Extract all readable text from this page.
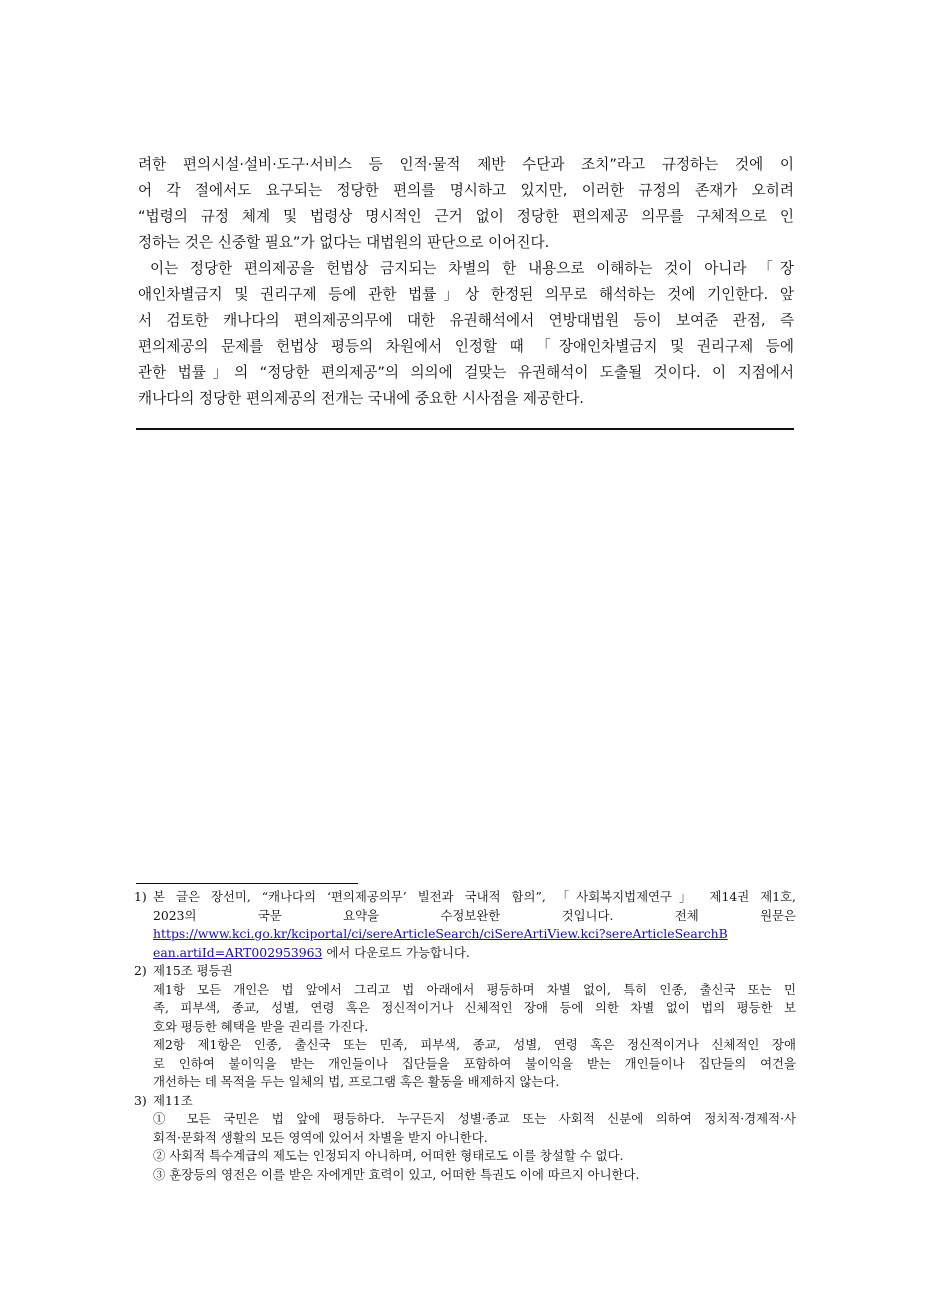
려한 편의시설·설비·도구·서비스 등 인적·물적 제반 수단과 조치”라고 규정하는 것에 이
어 각 절에서도 요구되는 정당한 편의를 명시하고 있지만, 이러한 규정의 존재가 오히려
“법령의 규정 체계 및 법령상 명시적인 근거 없이 정당한 편의제공 의무를 구체적으로 인
정하는 것은 신중할 필요”가 없다는 대법원의 판단으로 이어진다.
이는 정당한 편의제공을 헌법상 금지되는 차별의 한 내용으로 이해하는 것이 아니라 「장
애인차별금지 및 권리구제 등에 관한 법률」상 한정된 의무로 해석하는 것에 기인한다. 앞
서 검토한 캐나다의 편의제공의무에 대한 유권해석에서 연방대법원 등이 보여준 관점, 즉
편의제공의 문제를 헌법상 평등의 차원에서 인정할 때 「장애인차별금지 및 권리구제 등에
관한 법률」의 “정당한 편의제공”의 의의에 걸맞는 유권해석이 도출될 것이다. 이 지점에서
캐나다의 정당한 편의제공의 전개는 국내에 중요한 시사점을 제공한다.
1) 본 글은 장선미, “캐나다의 ‘편의제공의무’ 빌전과 국내적 함의”, 「사회복지법제연구」 제14권 제1호,
2023의 국문 요약을 수정보완한 것입니다. 전체 원문은
https://www.kci.go.kr/kciportal/ci/sereArticleSearch/ciSereArtiView.kci?sereArticleSearchB
ean.artiId=ART002953963 에서 다운로드 가능합니다.
2) 제15조 평등권
제1항 모든 개인은 법 앞에서 그리고 법 아래에서 평등하며 차별 없이, 특히 인종, 출신국 또는 민
족, 피부색, 종교, 성별, 연령 혹은 정신적이거나 신체적인 장애 등에 의한 차별 없이 법의 평등한 보
호와 평등한 혜택을 받을 권리를 가진다.
제2항 제1항은 인종, 출신국 또는 민족, 피부색, 종교, 성별, 연령 혹은 정신적이거나 신체적인 장애
로 인하여 불이익을 받는 개인들이나 집단들을 포함하여 불이익을 받는 개인들이나 집단들의 여건을
개선하는 데 목적을 두는 일체의 법, 프로그램 혹은 활동을 배제하지 않는다.
3) 제11조
① 모든 국민은 법 앞에 평등하다. 누구든지 성별·종교 또는 사회적 신분에 의하여 정치적·경제적·사
회적·문화적 생활의 모든 영역에 있어서 차별을 받지 아니한다.
② 사회적 특수계급의 제도는 인정되지 아니하며, 어떠한 형태로도 이를 창설할 수 없다.
③ 훈장등의 영전은 이를 받은 자에게만 효력이 있고, 어떠한 특권도 이에 따르지 아니한다.
